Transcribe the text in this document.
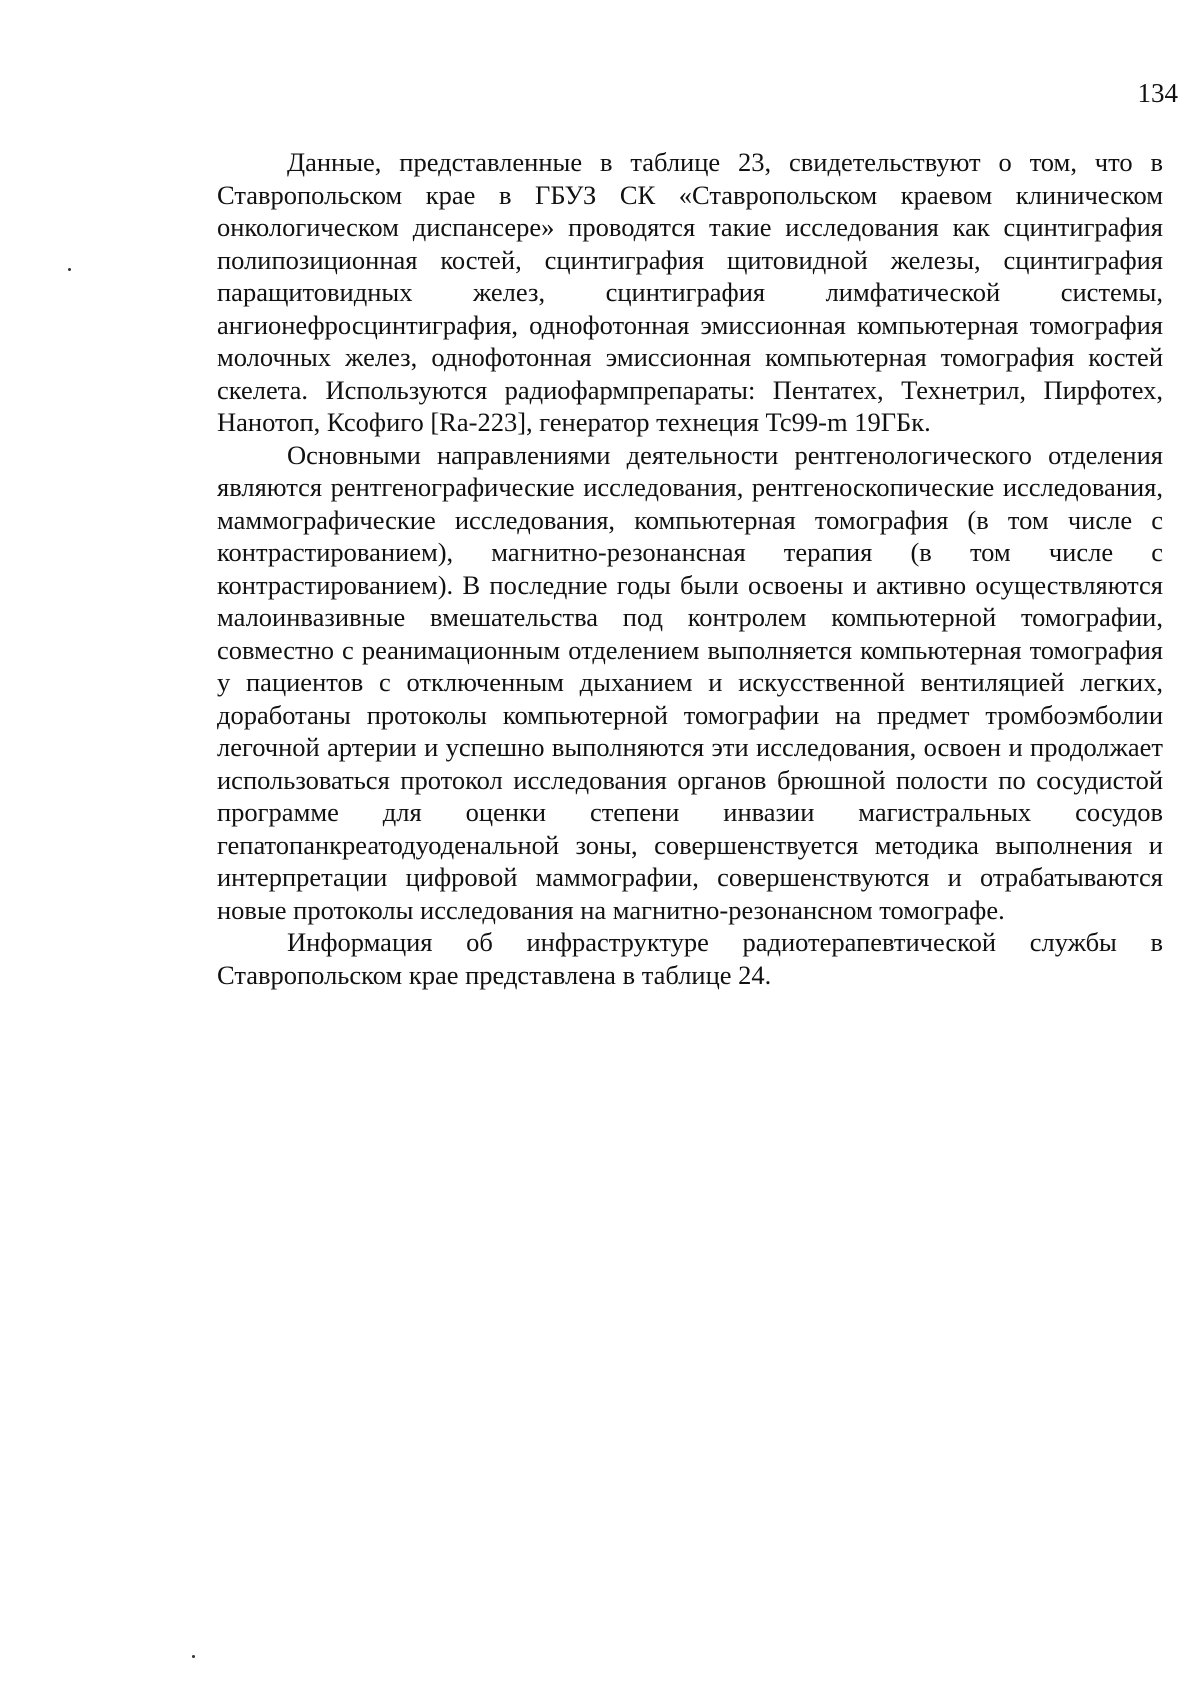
134

Данные, представленные в таблице 23, свидетельствуют о том, что в Ставропольском крае в ГБУЗ СК «Ставропольском краевом клиническом онкологическом диспансере» проводятся такие исследования как сцинтиграфия полипозиционная костей, сцинтиграфия щитовидной железы, сцинтиграфия паращитовидных желез, сцинтиграфия лимфатической системы, ангионефросцинтиграфия, однофотонная эмиссионная компьютерная томография молочных желез, однофотонная эмиссионная компьютерная томография костей скелета. Используются радиофармпрепараты: Пентатех, Технетрил, Пирфотех, Нанотоп, Ксофиго [Ra-223], генератор технеция Tc99-m 19ГБк.

Основными направлениями деятельности рентгенологического отделения являются рентгенографические исследования, рентгеноскопические исследования, маммографические исследования, компьютерная томография (в том числе с контрастированием), магнитно-резонансная терапия (в том числе с контрастированием). В последние годы были освоены и активно осуществляются малоинвазивные вмешательства под контролем компьютерной томографии, совместно с реанимационным отделением выполняется компьютерная томография у пациентов с отключенным дыханием и искусственной вентиляцией легких, доработаны протоколы компьютерной томографии на предмет тромбоэмболии легочной артерии и успешно выполняются эти исследования, освоен и продолжает использоваться протокол исследования органов брюшной полости по сосудистой программе для оценки степени инвазии магистральных сосудов гепатопанкреатодуоденальной зоны, совершенствуется методика выполнения и интерпретации цифровой маммографии, совершенствуются и отрабатываются новые протоколы исследования на магнитно-резонансном томографе.

Информация об инфраструктуре радиотерапевтической службы в Ставропольском крае представлена в таблице 24.
